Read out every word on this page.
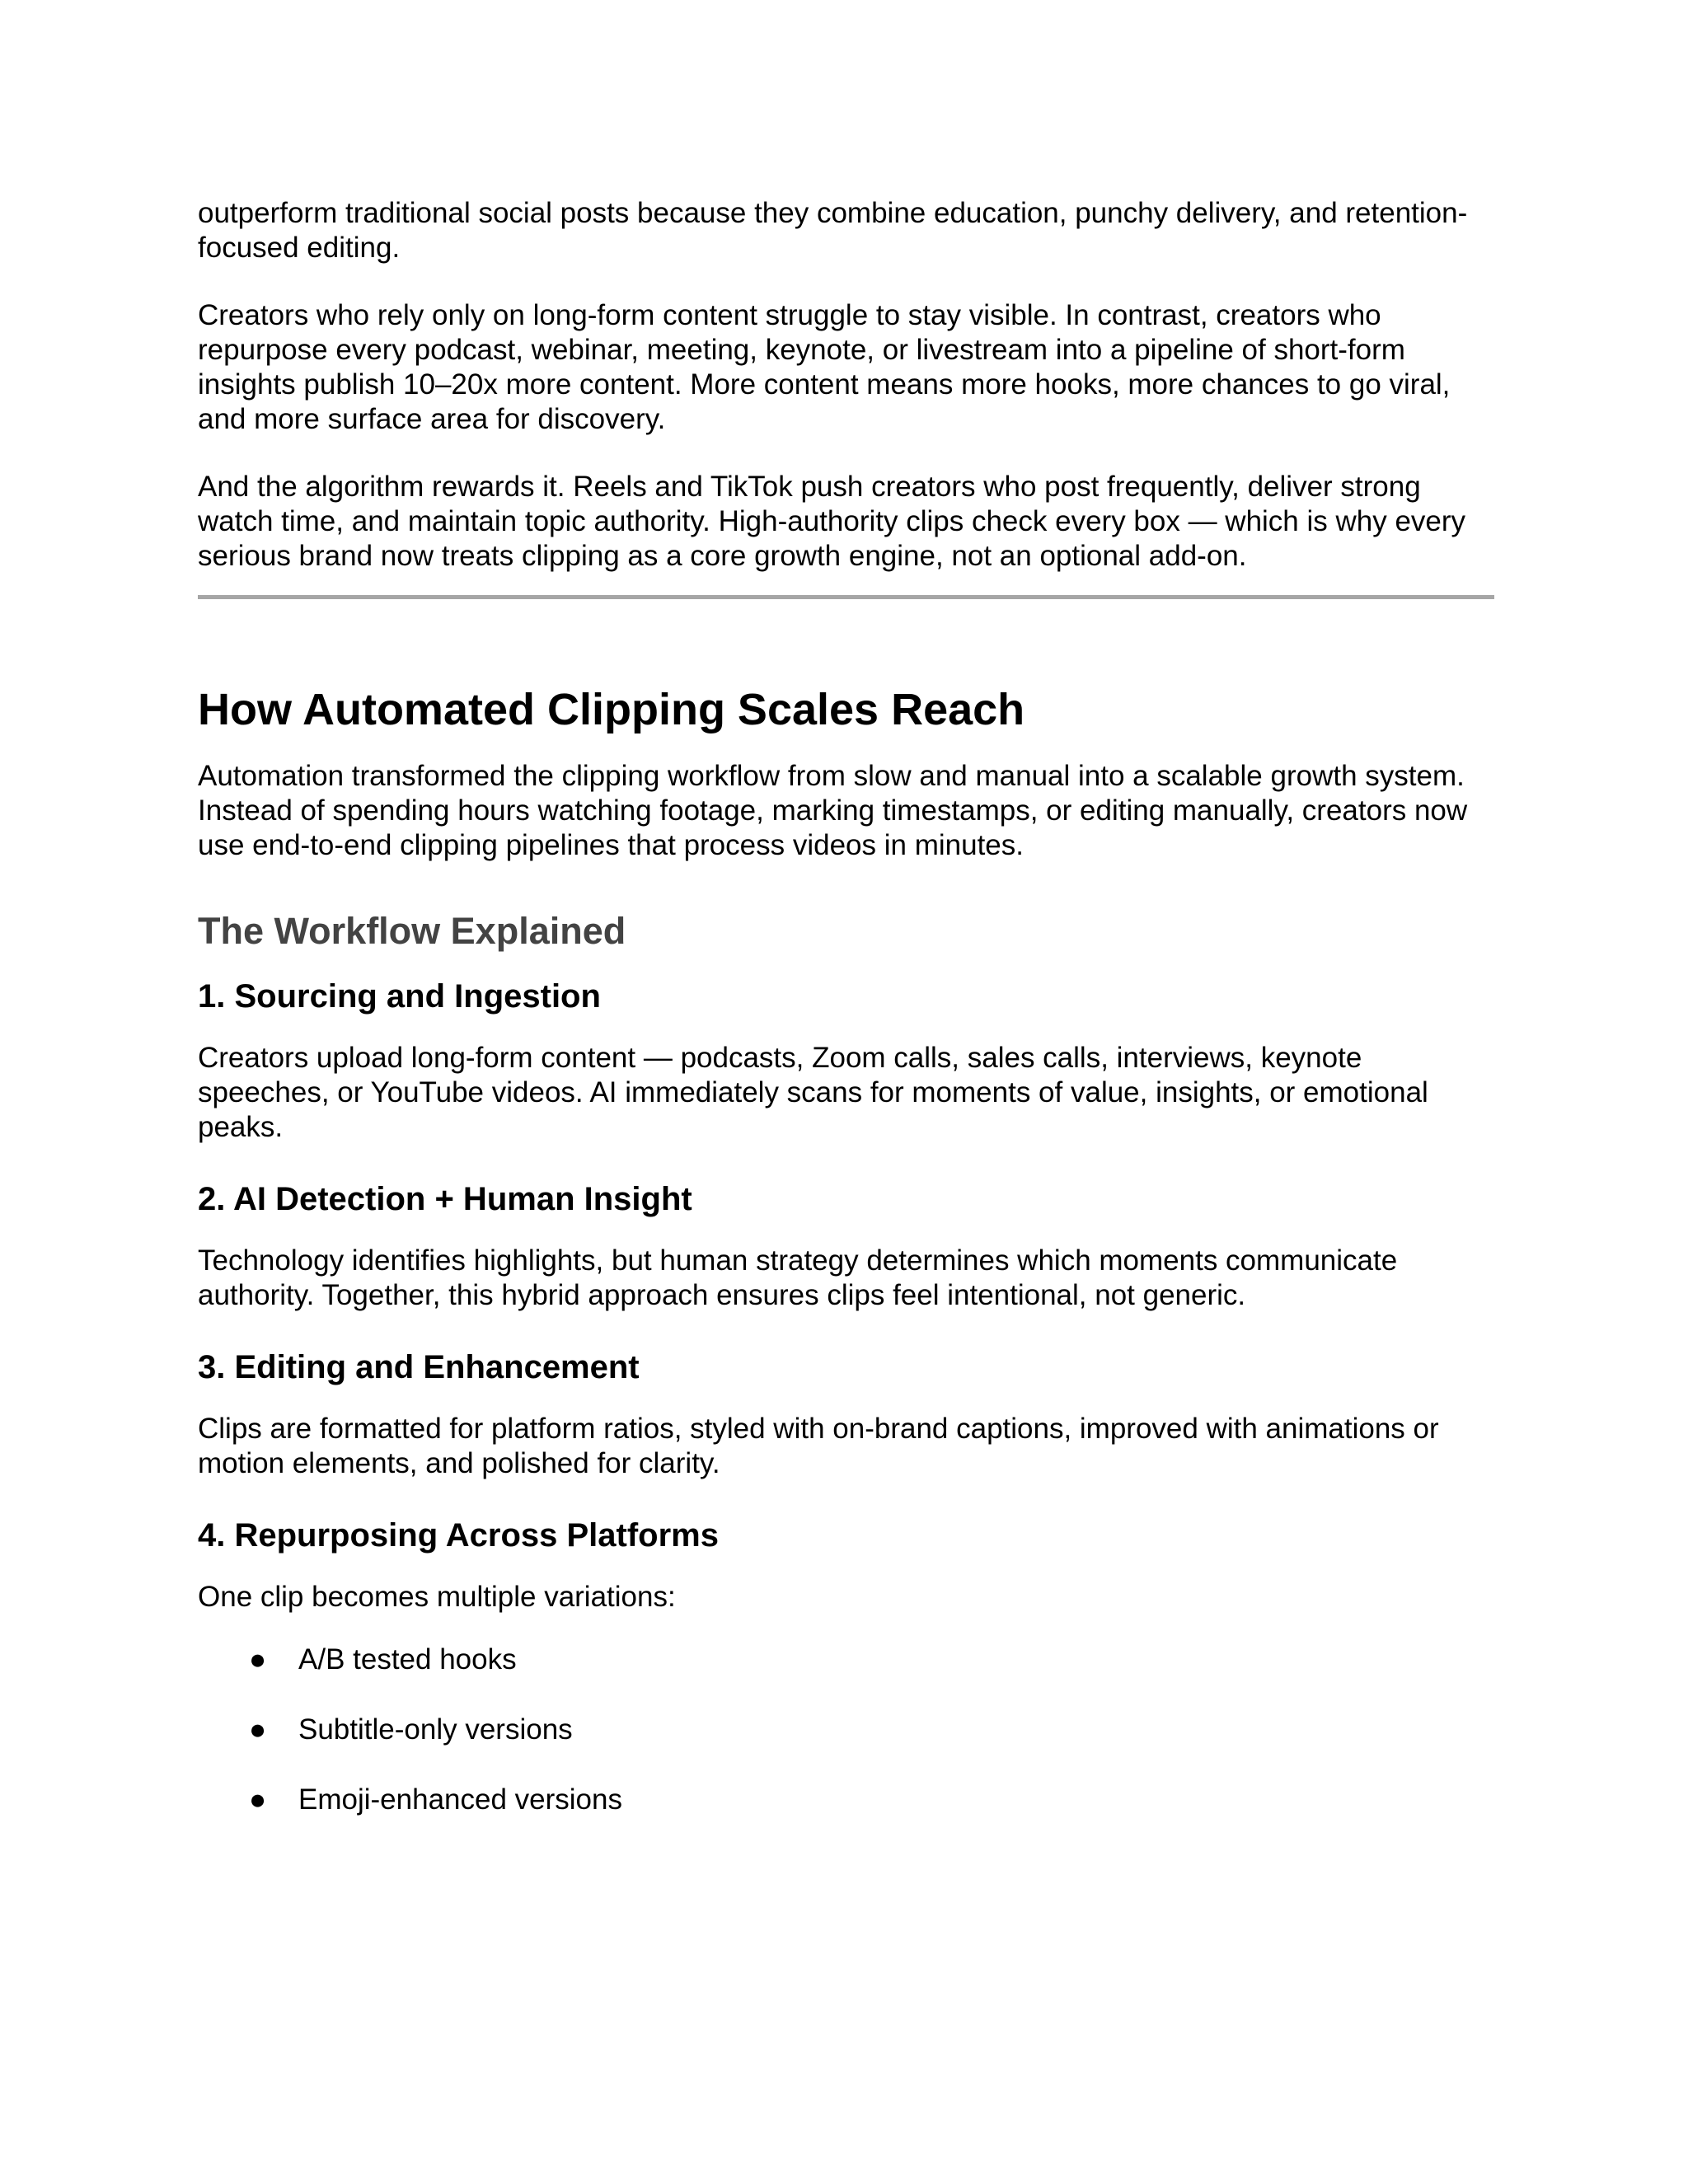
outperform traditional social posts because they combine education, punchy delivery, and retention-focused editing.

Creators who rely only on long-form content struggle to stay visible. In contrast, creators who repurpose every podcast, webinar, meeting, keynote, or livestream into a pipeline of short-form insights publish 10–20x more content. More content means more hooks, more chances to go viral, and more surface area for discovery.

And the algorithm rewards it. Reels and TikTok push creators who post frequently, deliver strong watch time, and maintain topic authority. High-authority clips check every box — which is why every serious brand now treats clipping as a core growth engine, not an optional add-on.

How Automated Clipping Scales Reach

Automation transformed the clipping workflow from slow and manual into a scalable growth system. Instead of spending hours watching footage, marking timestamps, or editing manually, creators now use end-to-end clipping pipelines that process videos in minutes.

The Workflow Explained
1. Sourcing and Ingestion

Creators upload long-form content — podcasts, Zoom calls, sales calls, interviews, keynote speeches, or YouTube videos. AI immediately scans for moments of value, insights, or emotional peaks.

2. AI Detection + Human Insight

Technology identifies highlights, but human strategy determines which moments communicate authority. Together, this hybrid approach ensures clips feel intentional, not generic.

3. Editing and Enhancement

Clips are formatted for platform ratios, styled with on-brand captions, improved with animations or motion elements, and polished for clarity.

4. Repurposing Across Platforms

One clip becomes multiple variations:

● A/B tested hooks
● Subtitle-only versions
● Emoji-enhanced versions
